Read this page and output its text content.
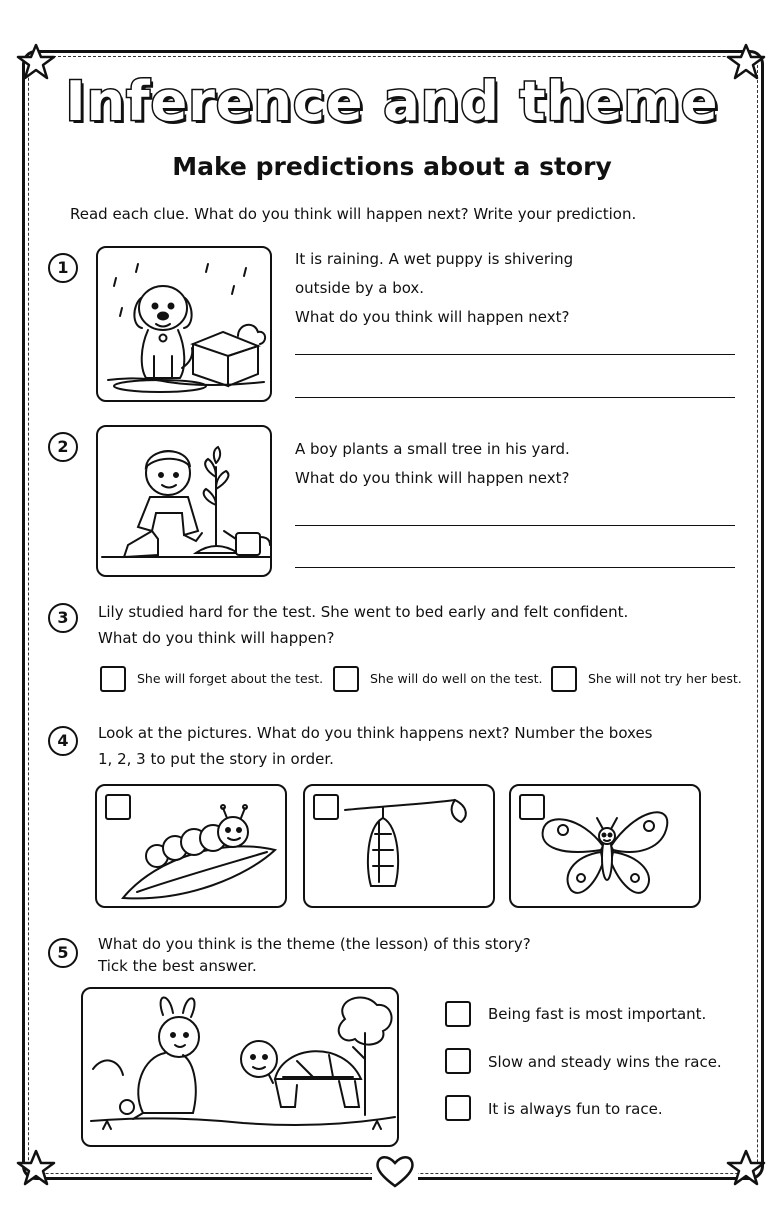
Inference and theme
Make predictions about a story
Read each clue. What do you think will happen next? Write your prediction.
1	It is raining. A wet puppy is shivering
outside by a box.
What do you think will happen next?
2	A boy plants a small tree in his yard.
What do you think will happen next?
3	Lily studied hard for the test. She went to bed early and felt confident.
What do you think will happen?
She will forget about the test.	She will do well on the test.	She will not try her best.
4	Look at the pictures. What do you think happens next? Number the boxes
1, 2, 3 to put the story in order.
5	What do you think is the theme (the lesson) of this story?
Tick the best answer.
Being fast is most important.
Slow and steady wins the race.
It is always fun to race.
